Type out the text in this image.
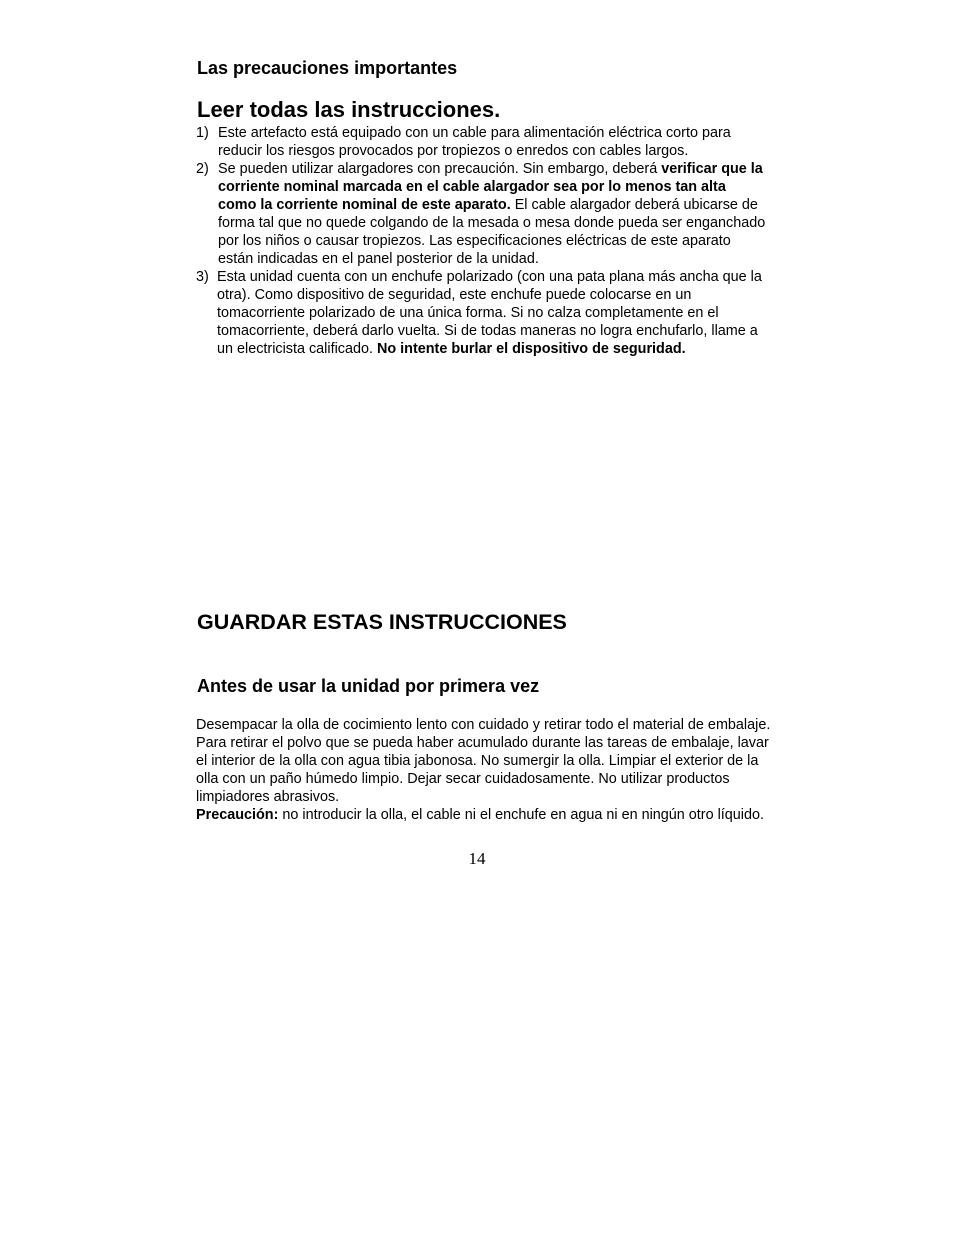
Las precauciones importantes
Leer todas las instrucciones.
1) Este artefacto está equipado con un cable para alimentación eléctrica corto para reducir los riesgos provocados por tropiezos o enredos con cables largos.
2) Se pueden utilizar alargadores con precaución. Sin embargo, deberá verificar que la corriente nominal marcada en el cable alargador sea por lo menos tan alta como la corriente nominal de este aparato. El cable alargador deberá ubicarse de forma tal que no quede colgando de la mesada o mesa donde pueda ser enganchado por los niños o causar tropiezos. Las especificaciones eléctricas de este aparato están indicadas en el panel posterior de la unidad.
3) Esta unidad cuenta con un enchufe polarizado (con una pata plana más ancha que la otra). Como dispositivo de seguridad, este enchufe puede colocarse en un tomacorriente polarizado de una única forma. Si no calza completamente en el tomacorriente, deberá darlo vuelta. Si de todas maneras no logra enchufarlo, llame a un electricista calificado. No intente burlar el dispositivo de seguridad.
GUARDAR ESTAS INSTRUCCIONES
Antes de usar la unidad por primera vez

Desempacar la olla de cocimiento lento con cuidado y retirar todo el material de embalaje. Para retirar el polvo que se pueda haber acumulado durante las tareas de embalaje, lavar el interior de la olla con agua tibia jabonosa. No sumergir la olla. Limpiar el exterior de la olla con un paño húmedo limpio. Dejar secar cuidadosamente. No utilizar productos limpiadores abrasivos.
Precaución: no introducir la olla, el cable ni el enchufe en agua ni en ningún otro líquido.

14
